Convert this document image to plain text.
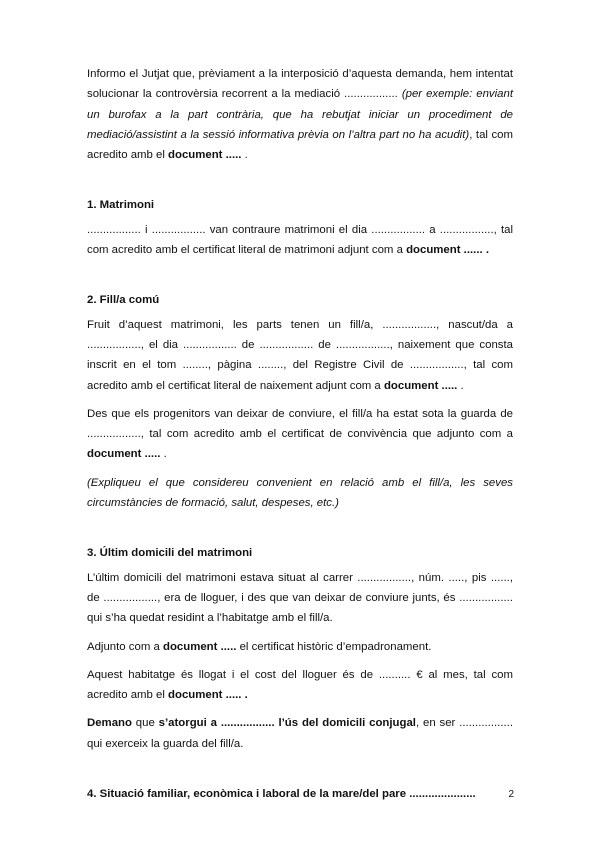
Informo el Jutjat que, prèviament a la interposició d’aquesta demanda, hem intentat solucionar la controvèrsia recorrent a la mediació ................. (per exemple: enviant un burofax a la part contrària, que ha rebutjat iniciar un procediment de mediació/assistint a la sessió informativa prèvia on l’altra part no ha acudit), tal com acredito amb el document ..... .

1. Matrimoni

................. i ................. van contraure matrimoni el dia ................. a ................., tal com acredito amb el certificat literal de matrimoni adjunt com a document ...... .

2. Fill/a comú

Fruit d’aquest matrimoni, les parts tenen un fill/a, ................., nascut/da a ................., el dia ................. de ................. de ................., naixement que consta inscrit en el tom ........, pàgina ........, del Registre Civil de ................., tal com acredito amb el certificat literal de naixement adjunt com a document ..... .

Des que els progenitors van deixar de conviure, el fill/a ha estat sota la guarda de ................., tal com acredito amb el certificat de convivència que adjunto com a document ..... .

(Expliqueu el que considereu convenient en relació amb el fill/a, les seves circumstàncies de formació, salut, despeses, etc.)

3. Últim domicili del matrimoni

L’últim domicili del matrimoni estava situat al carrer ................., núm. ....., pis ......, de ................., era de lloguer, i des que van deixar de conviure junts, és ................. qui s’ha quedat residint a l’habitatge amb el fill/a.

Adjunto com a document ..... el certificat històric d’empadronament.

Aquest habitatge és llogat i el cost del lloguer és de .......... € al mes, tal com acredito amb el document ..... .

Demano que s’atorgui a ................. l’ús del domicili conjugal, en ser ................. qui exerceix la guarda del fill/a.

4. Situació familiar, econòmica i laboral de la mare/del pare .....................	2
